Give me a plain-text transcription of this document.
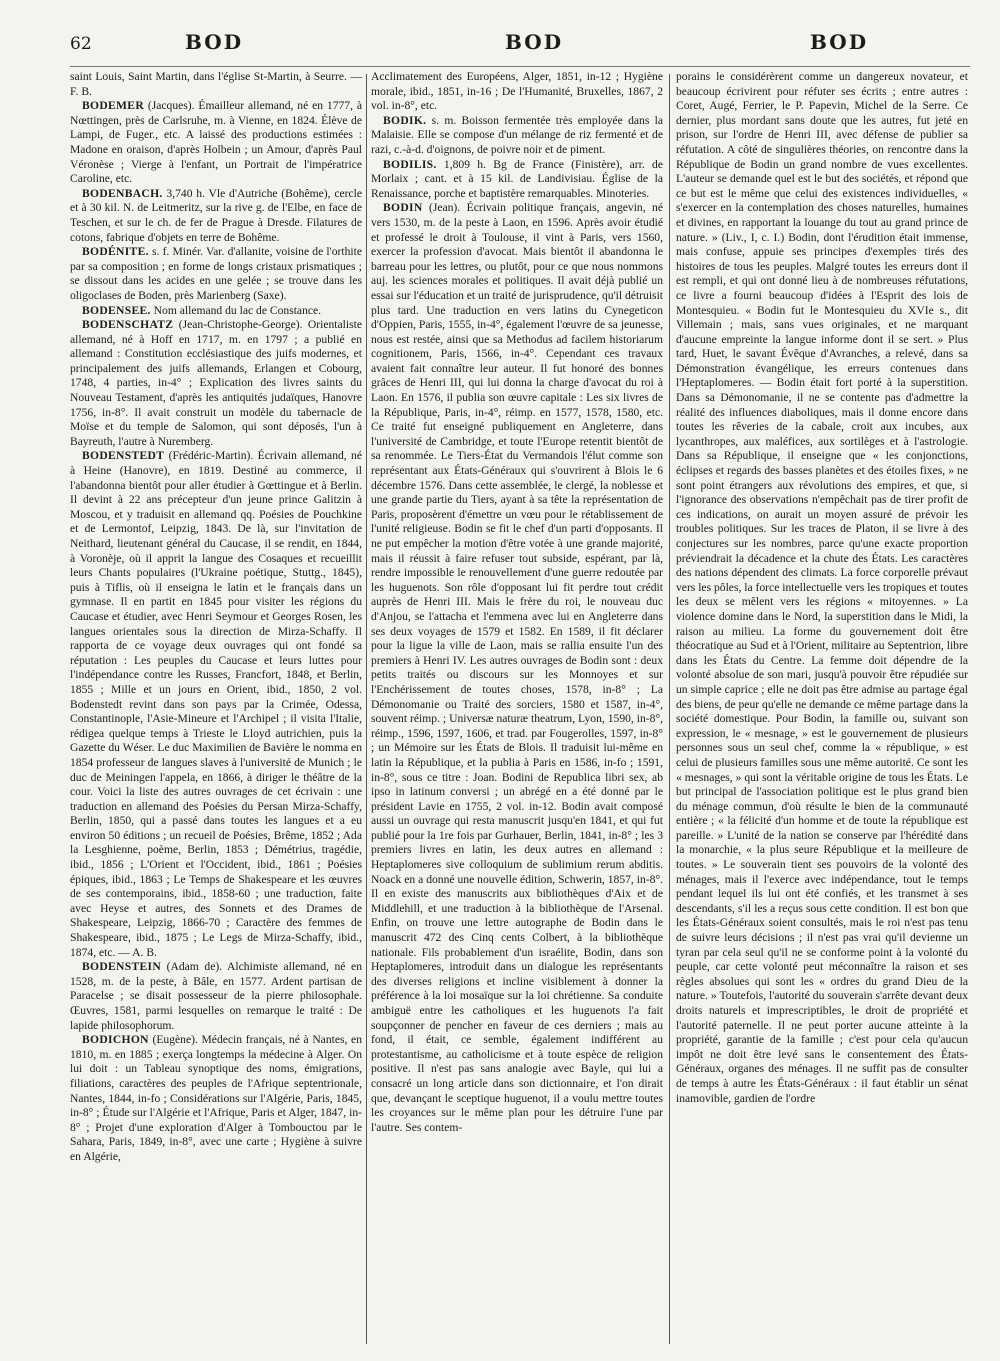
62	BOD	BOD	BOD

saint Louis, Saint Martin, dans l'église St-Martin, à Seurre. — F. B.

BODEMER (Jacques). Émailleur allemand, né en 1777, à Nœttingen, près de Carlsruhe, m. à Vienne, en 1824. Élève de Lampi, de Fuger., etc. A laissé des productions estimées : Madone en oraison, d'après Holbein ; un Amour, d'après Paul Véronèse ; Vierge à l'enfant, un Portrait de l'impératrice Caroline, etc.

BODENBACH. 3,740 h. Vle d'Autriche (Bohême), cercle et à 30 kil. N. de Leitmeritz, sur la rive g. de l'Elbe, en face de Teschen, et sur le ch. de fer de Prague à Dresde. Filatures de cotons, fabrique d'objets en terre de Bohême.

BODÉNITE. s. f. Minér. Var. d'allanite, voisine de l'orthite par sa composition ; en forme de longs cristaux prismatiques ; se dissout dans les acides en une gelée ; se trouve dans les oligoclases de Boden, près Marienberg (Saxe).

BODENSEE. Nom allemand du lac de Constance.

BODENSCHATZ (Jean-Christophe-George). Orientaliste allemand, né à Hoff en 1717, m. en 1797 ; a publié en allemand : Constitution ecclésiastique des juifs modernes, et principalement des juifs allemands, Erlangen et Cobourg, 1748, 4 parties, in-4° ; Explication des livres saints du Nouveau Testament, d'après les antiquités judaïques, Hanovre 1756, in-8°. Il avait construit un modèle du tabernacle de Moïse et du temple de Salomon, qui sont déposés, l'un à Bayreuth, l'autre à Nuremberg.

BODENSTEDT (Frédéric-Martin). Écrivain allemand, né à Heine (Hanovre), en 1819. Destiné au commerce, il l'abandonna bientôt pour aller étudier à Gœttingue et à Berlin. Il devint à 22 ans précepteur d'un jeune prince Galitzin à Moscou, et y traduisit en allemand qq. Poésies de Pouchkine et de Lermontof, Leipzig, 1843. De là, sur l'invitation de Neithard, lieutenant général du Caucase, il se rendit, en 1844, à Voronèje, où il apprit la langue des Cosaques et recueillit leurs Chants populaires (l'Ukraine poétique, Stuttg., 1845), puis à Tiflis, où il enseigna le latin et le français dans un gymnase. Il en partit en 1845 pour visiter les régions du Caucase et étudier, avec Henri Seymour et Georges Rosen, les langues orientales sous la direction de Mirza-Schaffy. Il rapporta de ce voyage deux ouvrages qui ont fondé sa réputation : Les peuples du Caucase et leurs luttes pour l'indépendance contre les Russes, Francfort, 1848, et Berlin, 1855 ; Mille et un jours en Orient, ibid., 1850, 2 vol. Bodenstedt revint dans son pays par la Crimée, Odessa, Constantinople, l'Asie-Mineure et l'Archipel ; il visita l'Italie, rédigea quelque temps à Trieste le Lloyd autrichien, puis la Gazette du Wéser. Le duc Maximilien de Bavière le nomma en 1854 professeur de langues slaves à l'université de Munich ; le duc de Meiningen l'appela, en 1866, à diriger le théâtre de la cour. Voici la liste des autres ouvrages de cet écrivain : une traduction en allemand des Poésies du Persan Mirza-Schaffy, Berlin, 1850, qui a passé dans toutes les langues et a eu environ 50 éditions ; un recueil de Poésies, Brême, 1852 ; Ada la Lesghienne, poème, Berlin, 1853 ; Démétrius, tragédie, ibid., 1856 ; L'Orient et l'Occident, ibid., 1861 ; Poésies épiques, ibid., 1863 ; Le Temps de Shakespeare et les œuvres de ses contemporains, ibid., 1858-60 ; une traduction, faite avec Heyse et autres, des Sonnets et des Drames de Shakespeare, Leipzig, 1866-70 ; Caractère des femmes de Shakespeare, ibid., 1875 ; Le Legs de Mirza-Schaffy, ibid., 1874, etc. — A. B.

BODENSTEIN (Adam de). Alchimiste allemand, né en 1528, m. de la peste, à Bâle, en 1577. Ardent partisan de Paracelse ; se disait possesseur de la pierre philosophale. Œuvres, 1581, parmi lesquelles on remarque le traité : De lapide philosophorum.

BODICHON (Eugène). Médecin français, né à Nantes, en 1810, m. en 1885 ; exerça longtemps la médecine à Alger. On lui doit : un Tableau synoptique des noms, émigrations, filiations, caractères des peuples de l'Afrique septentrionale, Nantes, 1844, in-fo ; Considérations sur l'Algérie, Paris, 1845, in-8° ; Étude sur l'Algérie et l'Afrique, Paris et Alger, 1847, in-8° ; Projet d'une exploration d'Alger à Tombouctou par le Sahara, Paris, 1849, in-8°, avec une carte ; Hygiène à suivre en Algérie,

Acclimatement des Européens, Alger, 1851, in-12 ; Hygiène morale, ibid., 1851, in-16 ; De l'Humanité, Bruxelles, 1867, 2 vol. in-8°, etc.

BODIK. s. m. Boisson fermentée très employée dans la Malaisie. Elle se compose d'un mélange de riz fermenté et de razi, c.-à-d. d'oignons, de poivre noir et de piment.

BODILIS. 1,809 h. Bg de France (Finistère), arr. de Morlaix ; cant. et à 15 kil. de Landivisiau. Église de la Renaissance, porche et baptistère remarquables. Minoteries.

BODIN (Jean). Écrivain politique français, angevin, né vers 1530, m. de la peste à Laon, en 1596. Après avoir étudié et professé le droit à Toulouse, il vint à Paris, vers 1560, exercer la profession d'avocat. Mais bientôt il abandonna le barreau pour les lettres, ou plutôt, pour ce que nous nommons auj. les sciences morales et politiques. Il avait déjà publié un essai sur l'éducation et un traité de jurisprudence, qu'il détruisit plus tard. Une traduction en vers latins du Cynegeticon d'Oppien, Paris, 1555, in-4°, également l'œuvre de sa jeunesse, nous est restée, ainsi que sa Methodus ad facilem historiarum cognitionem, Paris, 1566, in-4°. Cependant ces travaux avaient fait connaître leur auteur. Il fut honoré des bonnes grâces de Henri III, qui lui donna la charge d'avocat du roi à Laon. En 1576, il publia son œuvre capitale : Les six livres de la République, Paris, in-4°, réimp. en 1577, 1578, 1580, etc. Ce traité fut enseigné publiquement en Angleterre, dans l'université de Cambridge, et toute l'Europe retentit bientôt de sa renommée. Le Tiers-État du Vermandois l'élut comme son représentant aux États-Généraux qui s'ouvrirent à Blois le 6 décembre 1576. Dans cette assemblée, le clergé, la noblesse et une grande partie du Tiers, ayant à sa tête la représentation de Paris, proposèrent d'émettre un vœu pour le rétablissement de l'unité religieuse. Bodin se fit le chef d'un parti d'opposants. Il ne put empêcher la motion d'être votée à une grande majorité, mais il réussit à faire refuser tout subside, espérant, par là, rendre impossible le renouvellement d'une guerre redoutée par les huguenots. Son rôle d'opposant lui fit perdre tout crédit auprès de Henri III. Mais le frère du roi, le nouveau duc d'Anjou, se l'attacha et l'emmena avec lui en Angleterre dans ses deux voyages de 1579 et 1582. En 1589, il fit déclarer pour la ligue la ville de Laon, mais se rallia ensuite l'un des premiers à Henri IV. Les autres ouvrages de Bodin sont : deux petits traités ou discours sur les Monnoyes et sur l'Enchérissement de toutes choses, 1578, in-8° ; La Démonomanie ou Traité des sorciers, 1580 et 1587, in-4°, souvent réimp. ; Universæ naturæ theatrum, Lyon, 1590, in-8°, réimp., 1596, 1597, 1606, et trad. par Fougerolles, 1597, in-8° ; un Mémoire sur les États de Blois. Il traduisit lui-même en latin la République, et la publia à Paris en 1586, in-fo ; 1591, in-8°, sous ce titre : Joan. Bodini de Republica libri sex, ab ipso in latinum conversi ; un abrégé en a été donné par le président Lavie en 1755, 2 vol. in-12. Bodin avait composé aussi un ouvrage qui resta manuscrit jusqu'en 1841, et qui fut publié pour la 1re fois par Gurhauer, Berlin, 1841, in-8° ; les 3 premiers livres en latin, les deux autres en allemand : Heptaplomeres sive colloquium de sublimium rerum abditis. Noack en a donné une nouvelle édition, Schwerin, 1857, in-8°. Il en existe des manuscrits aux bibliothèques d'Aix et de Middlehill, et une traduction à la bibliothèque de l'Arsenal. Enfin, on trouve une lettre autographe de Bodin dans le manuscrit 472 des Cinq cents Colbert, à la bibliothèque nationale. Fils probablement d'un israélite, Bodin, dans son Heptaplomeres, introduit dans un dialogue les représentants des diverses religions et incline visiblement à donner la préférence à la loi mosaïque sur la loi chrétienne. Sa conduite ambiguë entre les catholiques et les huguenots l'a fait soupçonner de pencher en faveur de ces derniers ; mais au fond, il était, ce semble, également indifférent au protestantisme, au catholicisme et à toute espèce de religion positive. Il n'est pas sans analogie avec Bayle, qui lui a consacré un long article dans son dictionnaire, et l'on dirait que, devançant le sceptique huguenot, il a voulu mettre toutes les croyances sur le même plan pour les détruire l'une par l'autre. Ses contem-

porains le considérèrent comme un dangereux novateur, et beaucoup écrivirent pour réfuter ses écrits ; entre autres : Coret, Augé, Ferrier, le P. Papevin, Michel de la Serre. Ce dernier, plus mordant sans doute que les autres, fut jeté en prison, sur l'ordre de Henri III, avec défense de publier sa réfutation. A côté de singulières théories, on rencontre dans la République de Bodin un grand nombre de vues excellentes. L'auteur se demande quel est le but des sociétés, et répond que ce but est le même que celui des existences individuelles, « s'exercer en la contemplation des choses naturelles, humaines et divines, en rapportant la louange du tout au grand prince de nature. » (Liv., I, c. I.) Bodin, dont l'érudition était immense, mais confuse, appuie ses principes d'exemples tirés des histoires de tous les peuples. Malgré toutes les erreurs dont il est rempli, et qui ont donné lieu à de nombreuses réfutations, ce livre a fourni beaucoup d'idées à l'Esprit des lois de Montesquieu. « Bodin fut le Montesquieu du XVIe s., dit Villemain ; mais, sans vues originales, et ne marquant d'aucune empreinte la langue informe dont il se sert. » Plus tard, Huet, le savant Évêque d'Avranches, a relevé, dans sa Démonstration évangélique, les erreurs contenues dans l'Heptaplomeres. — Bodin était fort porté à la superstition. Dans sa Démonomanie, il ne se contente pas d'admettre la réalité des influences diaboliques, mais il donne encore dans toutes les rêveries de la cabale, croit aux incubes, aux lycanthropes, aux maléfices, aux sortilèges et à l'astrologie. Dans sa République, il enseigne que « les conjonctions, éclipses et regards des basses planètes et des étoiles fixes, » ne sont point étrangers aux révolutions des empires, et que, si l'ignorance des observations n'empêchait pas de tirer profit de ces indications, on aurait un moyen assuré de prévoir les troubles politiques. Sur les traces de Platon, il se livre à des conjectures sur les nombres, parce qu'une exacte proportion préviendrait la décadence et la chute des États. Les caractères des nations dépendent des climats. La force corporelle prévaut vers les pôles, la force intellectuelle vers les tropiques et toutes les deux se mêlent vers les régions « mitoyennes. » La violence domine dans le Nord, la superstition dans le Midi, la raison au milieu. La forme du gouvernement doit être théocratique au Sud et à l'Orient, militaire au Septentrion, libre dans les États du Centre. La femme doit dépendre de la volonté absolue de son mari, jusqu'à pouvoir être répudiée sur un simple caprice ; elle ne doit pas être admise au partage égal des biens, de peur qu'elle ne demande ce même partage dans la société domestique. Pour Bodin, la famille ou, suivant son expression, le « mesnage, » est le gouvernement de plusieurs personnes sous un seul chef, comme la « république, » est celui de plusieurs familles sous une même autorité. Ce sont les « mesnages, » qui sont la véritable origine de tous les États. Le but principal de l'association politique est le plus grand bien du ménage commun, d'où résulte le bien de la communauté entière ; « la félicité d'un homme et de toute la république est pareille. » L'unité de la nation se conserve par l'hérédité dans la monarchie, « la plus seure République et la meilleure de toutes. » Le souverain tient ses pouvoirs de la volonté des ménages, mais il l'exerce avec indépendance, tout le temps pendant lequel ils lui ont été confiés, et les transmet à ses descendants, s'il les a reçus sous cette condition. Il est bon que les États-Généraux soient consultés, mais le roi n'est pas tenu de suivre leurs décisions ; il n'est pas vrai qu'il devienne un tyran par cela seul qu'il ne se conforme point à la volonté du peuple, car cette volonté peut méconnaître la raison et ses règles absolues qui sont les « ordres du grand Dieu de la nature. » Toutefois, l'autorité du souverain s'arrête devant deux droits naturels et imprescriptibles, le droit de propriété et l'autorité paternelle. Il ne peut porter aucune atteinte à la propriété, garantie de la famille ; c'est pour cela qu'aucun impôt ne doit être levé sans le consentement des États-Généraux, organes des ménages. Il ne suffit pas de consulter de temps à autre les États-Généraux : il faut établir un sénat inamovible, gardien de l'ordre
